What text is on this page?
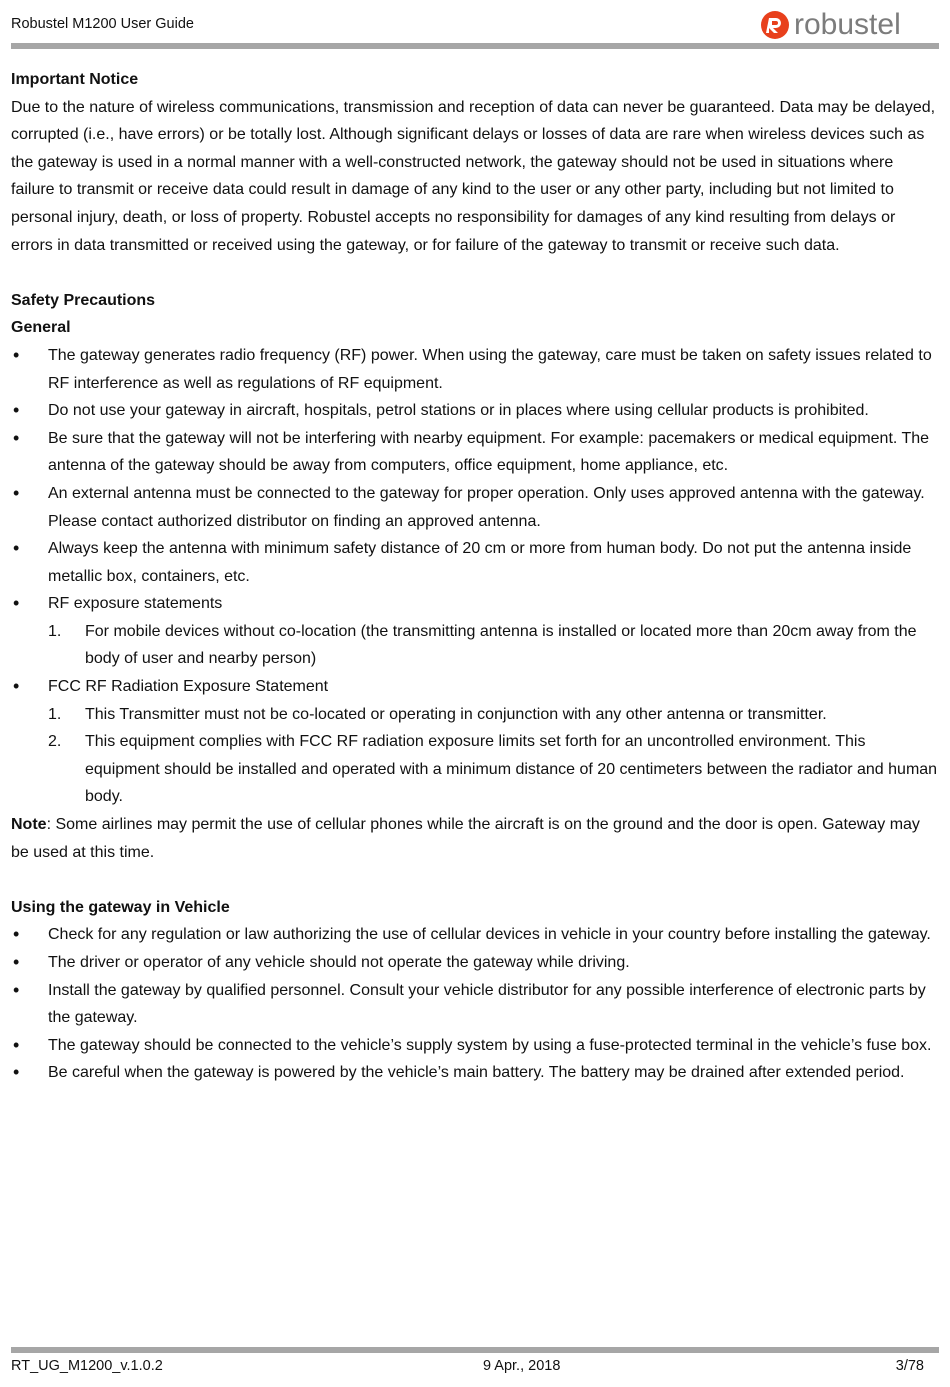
Robustel M1200 User Guide	robustel

Important Notice

Due to the nature of wireless communications, transmission and reception of data can never be guaranteed. Data may be delayed, corrupted (i.e., have errors) or be totally lost. Although significant delays or losses of data are rare when wireless devices such as the gateway is used in a normal manner with a well-constructed network, the gateway should not be used in situations where failure to transmit or receive data could result in damage of any kind to the user or any other party, including but not limited to personal injury, death, or loss of property. Robustel accepts no responsibility for damages of any kind resulting from delays or errors in data transmitted or received using the gateway, or for failure of the gateway to transmit or receive such data.

Safety Precautions

General

• The gateway generates radio frequency (RF) power. When using the gateway, care must be taken on safety issues related to RF interference as well as regulations of RF equipment.
• Do not use your gateway in aircraft, hospitals, petrol stations or in places where using cellular products is prohibited.
• Be sure that the gateway will not be interfering with nearby equipment. For example: pacemakers or medical equipment. The antenna of the gateway should be away from computers, office equipment, home appliance, etc.
• An external antenna must be connected to the gateway for proper operation. Only uses approved antenna with the gateway. Please contact authorized distributor on finding an approved antenna.
• Always keep the antenna with minimum safety distance of 20 cm or more from human body. Do not put the antenna inside metallic box, containers, etc.
• RF exposure statements
1. For mobile devices without co-location (the transmitting antenna is installed or located more than 20cm away from the body of user and nearby person)
• FCC RF Radiation Exposure Statement
1. This Transmitter must not be co-located or operating in conjunction with any other antenna or transmitter.
2. This equipment complies with FCC RF radiation exposure limits set forth for an uncontrolled environment. This equipment should be installed and operated with a minimum distance of 20 centimeters between the radiator and human body.

Note: Some airlines may permit the use of cellular phones while the aircraft is on the ground and the door is open. Gateway may be used at this time.

Using the gateway in Vehicle

• Check for any regulation or law authorizing the use of cellular devices in vehicle in your country before installing the gateway.
• The driver or operator of any vehicle should not operate the gateway while driving.
• Install the gateway by qualified personnel. Consult your vehicle distributor for any possible interference of electronic parts by the gateway.
• The gateway should be connected to the vehicle’s supply system by using a fuse-protected terminal in the vehicle’s fuse box.
• Be careful when the gateway is powered by the vehicle’s main battery. The battery may be drained after extended period.
RT_UG_M1200_v.1.0.2	9 Apr., 2018	3/78
